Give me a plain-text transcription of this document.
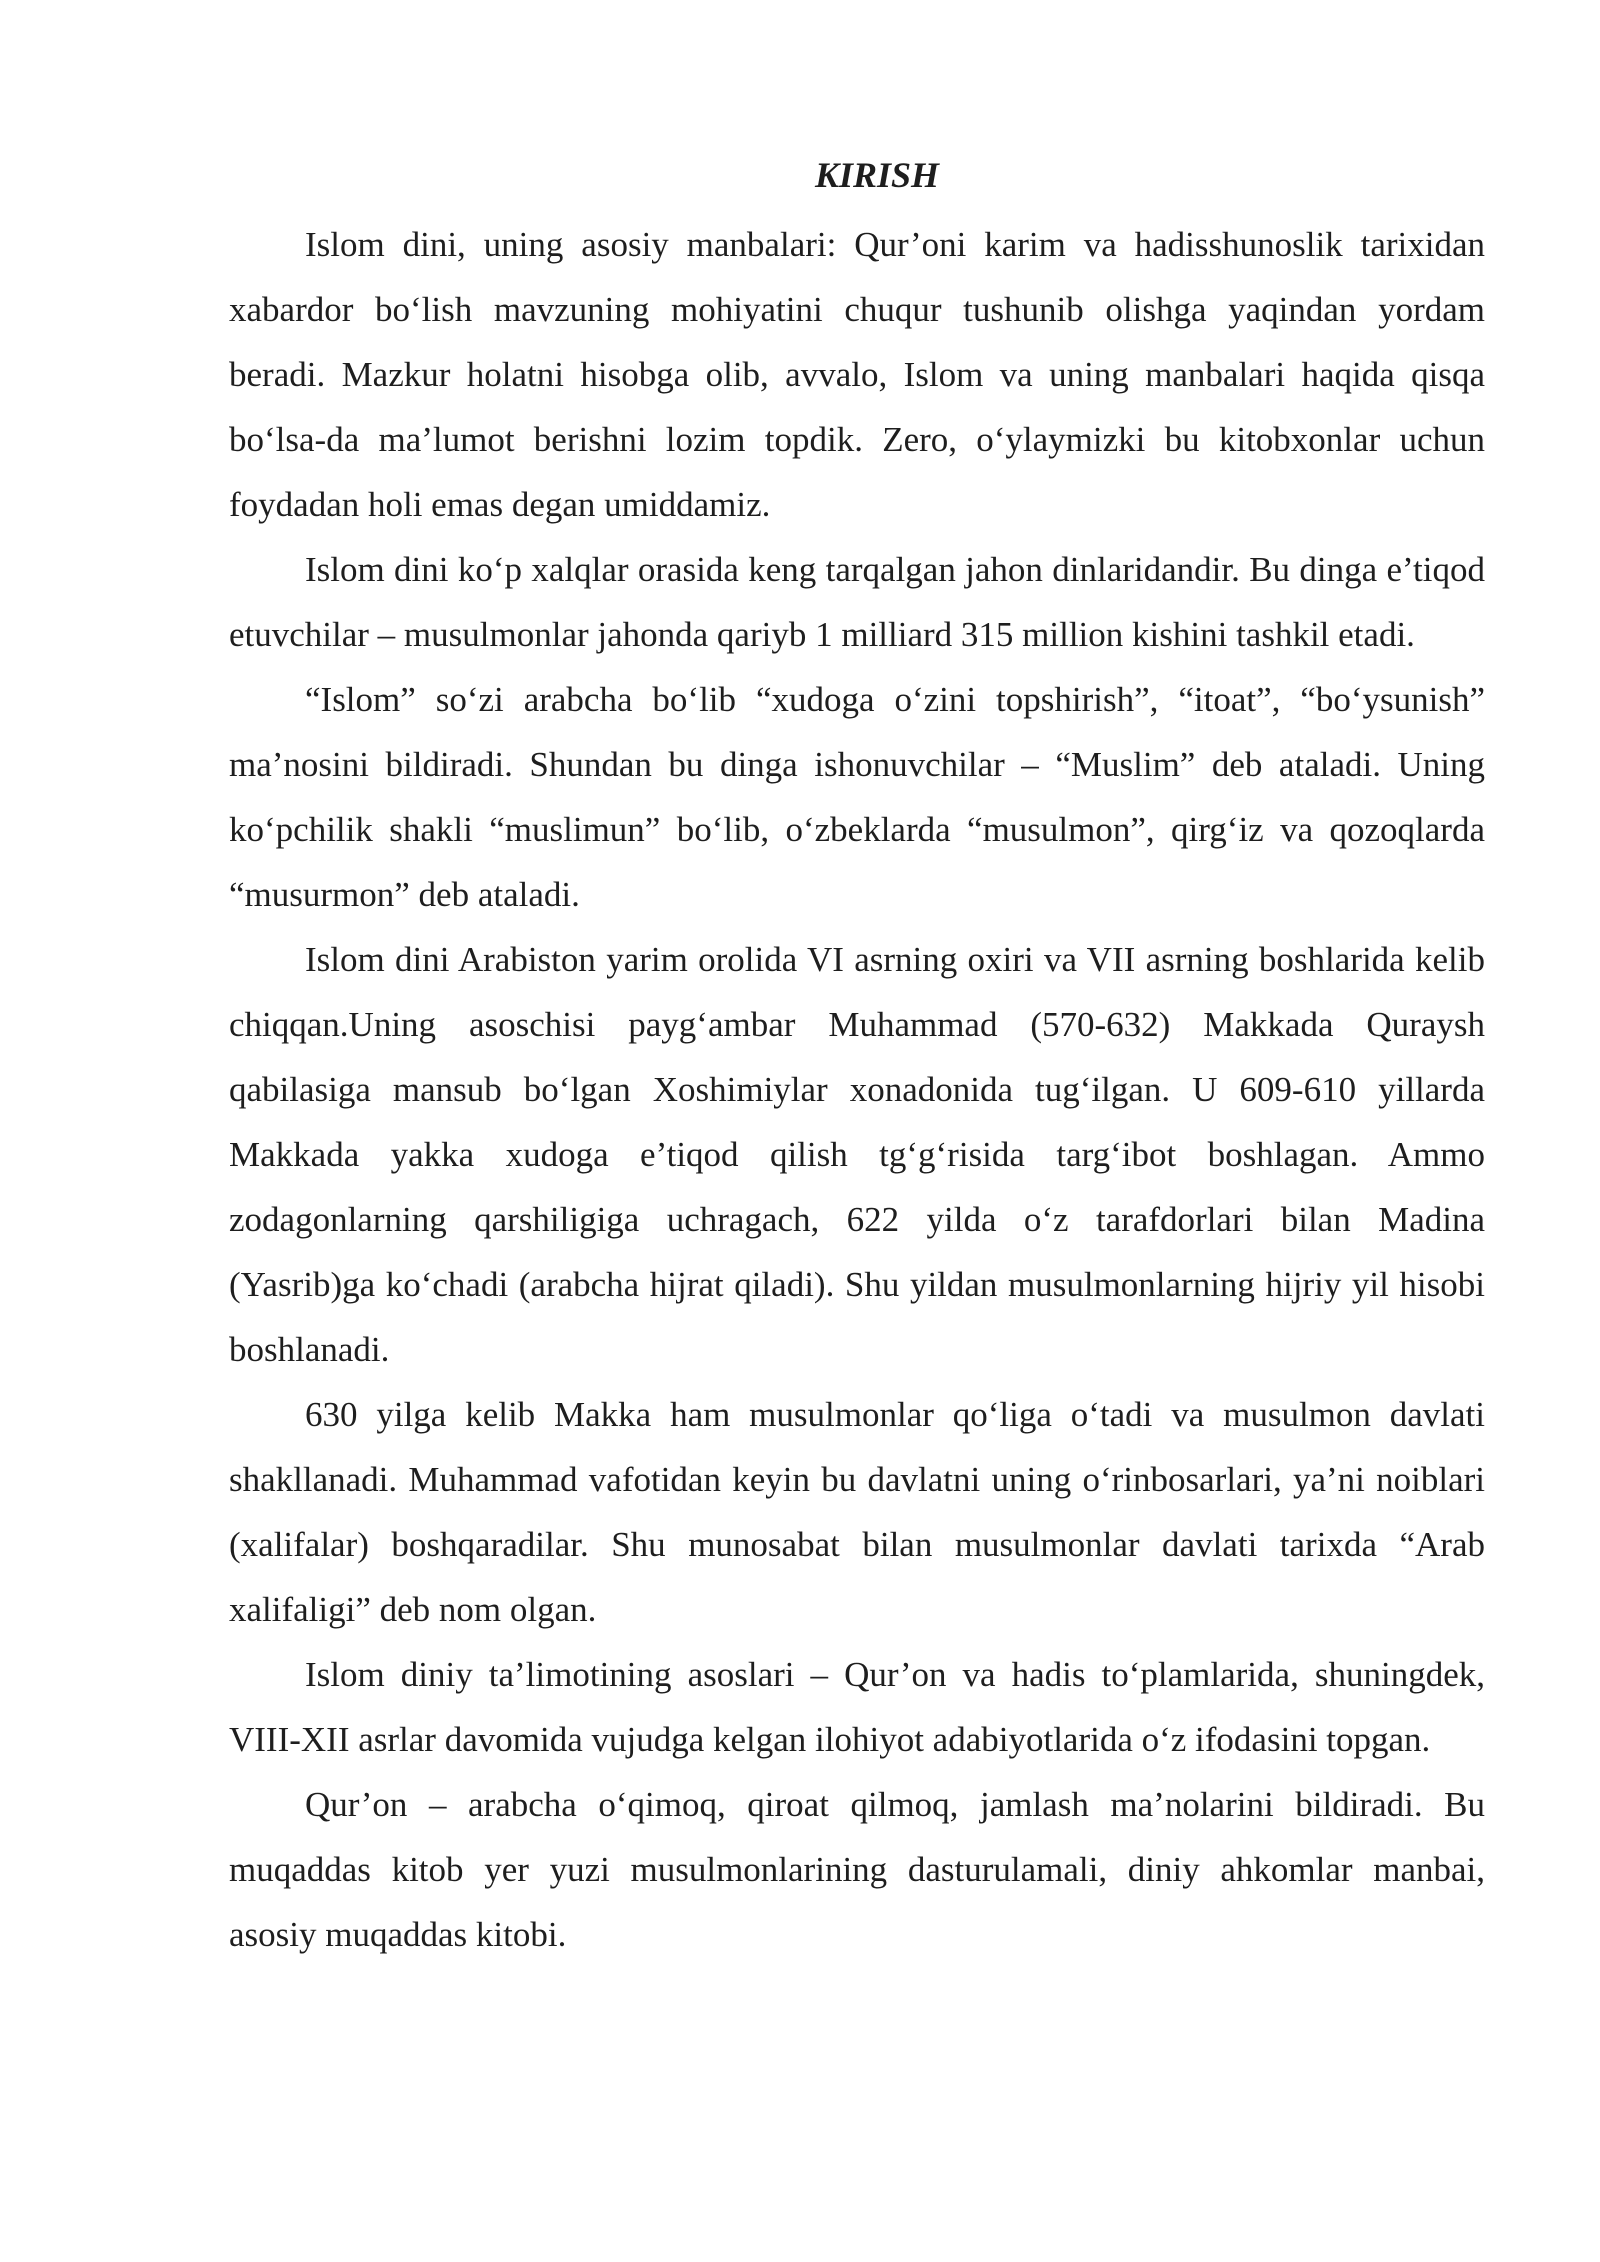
KIRISH

Islom dini, uning asosiy manbalari: Qur’oni karim va hadisshunoslik tarixidan xabardor bo‘lish mavzuning mohiyatini chuqur tushunib olishga yaqindan yordam beradi. Mazkur holatni hisobga olib, avvalo, Islom va uning manbalari haqida qisqa bo‘lsa-da ma’lumot berishni lozim topdik. Zero, o‘ylaymizki bu kitobxonlar uchun foydadan holi emas degan umiddamiz.

Islom dini ko‘p xalqlar orasida keng tarqalgan jahon dinlaridandir. Bu dinga e’tiqod etuvchilar – musulmonlar jahonda qariyb 1 milliard 315 million kishini tashkil etadi.

“Islom” so‘zi arabcha bo‘lib “xudoga o‘zini topshirish”, “itoat”, “bo‘ysunish” ma’nosini bildiradi. Shundan bu dinga ishonuvchilar – “Muslim” deb ataladi. Uning ko‘pchilik shakli “muslimun” bo‘lib, o‘zbeklarda “musulmon”, qirg‘iz va qozoqlarda “musurmon” deb ataladi.

Islom dini Arabiston yarim orolida VI asrning oxiri va VII asrning boshlarida kelib chiqqan.Uning asoschisi payg‘ambar Muhammad (570-632) Makkada Quraysh qabilasiga mansub bo‘lgan Xoshimiylar xonadonida tug‘ilgan. U 609-610 yillarda Makkada yakka xudoga e’tiqod qilish tg‘g‘risida targ‘ibot boshlagan. Ammo zodagonlarning qarshiligiga uchragach, 622 yilda o‘z tarafdorlari bilan Madina (Yasrib)ga ko‘chadi (arabcha hijrat qiladi). Shu yildan musulmonlarning hijriy yil hisobi boshlanadi.

630 yilga kelib Makka ham musulmonlar qo‘liga o‘tadi va musulmon davlati shakllanadi. Muhammad vafotidan keyin bu davlatni uning o‘rinbosarlari, ya’ni noiblari (xalifalar) boshqaradilar. Shu munosabat bilan musulmonlar davlati tarixda “Arab xalifaligi” deb nom olgan.

Islom diniy ta’limotining asoslari – Qur’on va hadis to‘plamlarida, shuningdek, VIII-XII asrlar davomida vujudga kelgan ilohiyot adabiyotlarida o‘z ifodasini topgan.

Qur’on – arabcha o‘qimoq, qiroat qilmoq, jamlash ma’nolarini bildiradi. Bu muqaddas kitob yer yuzi musulmonlarining dasturulamali, diniy ahkomlar manbai, asosiy muqaddas kitobi.
